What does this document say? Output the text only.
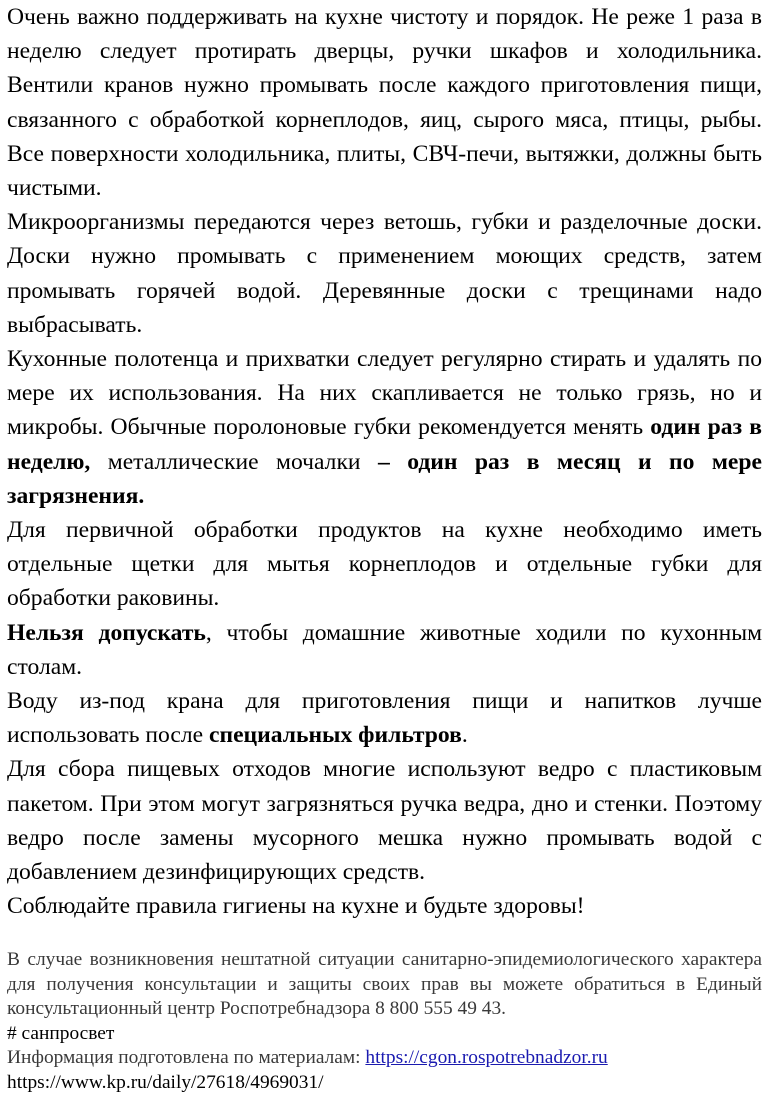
Очень важно поддерживать на кухне чистоту и порядок. Не реже 1 раза в неделю следует протирать дверцы, ручки шкафов и холодильника. Вентили кранов нужно промывать после каждого приготовления пищи, связанного с обработкой корнеплодов, яиц, сырого мяса, птицы, рыбы. Все поверхности холодильника, плиты, СВЧ-печи, вытяжки, должны быть чистыми.

Микроорганизмы передаются через ветошь, губки и разделочные доски. Доски нужно промывать с применением моющих средств, затем промывать горячей водой. Деревянные доски с трещинами надо выбрасывать.

Кухонные полотенца и прихватки следует регулярно стирать и удалять по мере их использования. На них скапливается не только грязь, но и микробы. Обычные поролоновые губки рекомендуется менять один раз в неделю, металлические мочалки – один раз в месяц и по мере загрязнения.

Для первичной обработки продуктов на кухне необходимо иметь отдельные щетки для мытья корнеплодов и отдельные губки для обработки раковины.

Нельзя допускать, чтобы домашние животные ходили по кухонным столам.

Воду из-под крана для приготовления пищи и напитков лучше использовать после специальных фильтров.

Для сбора пищевых отходов многие используют ведро с пластиковым пакетом. При этом могут загрязняться ручка ведра, дно и стенки. Поэтому ведро после замены мусорного мешка нужно промывать водой с добавлением дезинфицирующих средств.

Соблюдайте правила гигиены на кухне и будьте здоровы!

В случае возникновения нештатной ситуации санитарно-эпидемиологического характера для получения консультации и защиты своих прав вы можете обратиться в Единый консультационный центр Роспотребнадзора 8 800 555 49 43.

# санпросвет

Информация подготовлена по материалам: https://cgon.rospotrebnadzor.ru

https://www.kp.ru/daily/27618/4969031/
